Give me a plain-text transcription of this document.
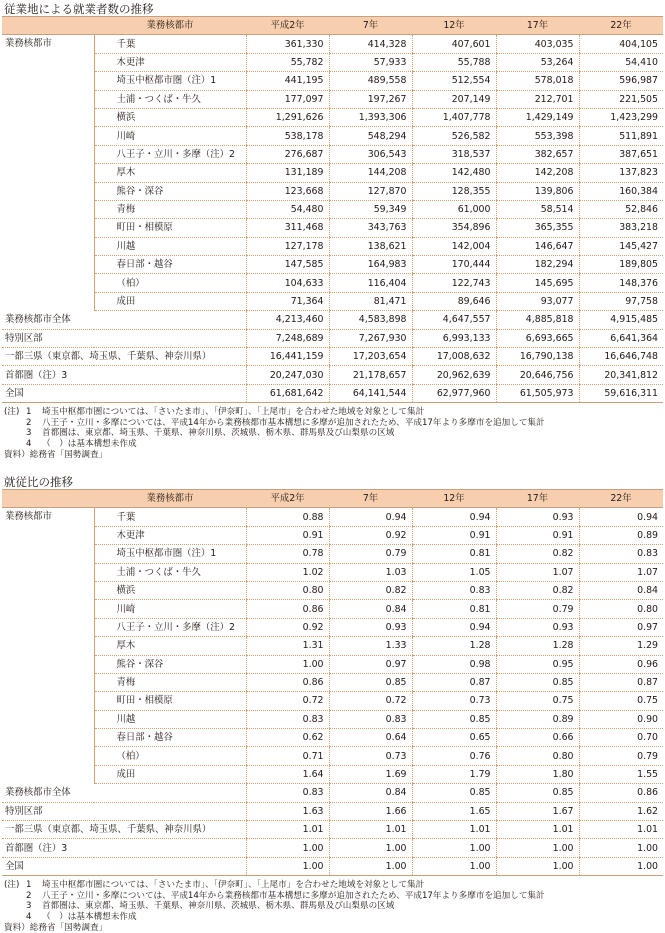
従業地による就業者数の推移
	業務核都市	平成2年	7年	12年	17年	22年
業務核都市	千葉	361,330	414,328	407,601	403,035	404,105
	木更津	55,782	57,933	55,788	53,264	54,410
	埼玉中枢都市圏（注）1	441,195	489,558	512,554	578,018	596,987
	土浦・つくば・牛久	177,097	197,267	207,149	212,701	221,505
	横浜	1,291,626	1,393,306	1,407,778	1,429,149	1,423,299
	川崎	538,178	548,294	526,582	553,398	511,891
	八王子・立川・多摩（注）2	276,687	306,543	318,537	382,657	387,651
	厚木	131,189	144,208	142,480	142,208	137,823
	熊谷・深谷	123,668	127,870	128,355	139,806	160,384
	青梅	54,480	59,349	61,000	58,514	52,846
	町田・相模原	311,468	343,763	354,896	365,355	383,218
	川越	127,178	138,621	142,004	146,647	145,427
	春日部・越谷	147,585	164,983	170,444	182,294	189,805
	（柏）	104,633	116,404	122,743	145,695	148,376
	成田	71,364	81,471	89,646	93,077	97,758
業務核都市全体		4,213,460	4,583,898	4,647,557	4,885,818	4,915,485
特別区部		7,248,689	7,267,930	6,993,133	6,693,665	6,641,364
一都三県（東京都、埼玉県、千葉県、神奈川県）		16,441,159	17,203,654	17,008,632	16,790,138	16,646,748
首都圏（注）3		20,247,030	21,178,657	20,962,639	20,646,756	20,341,812
全国		61,681,642	64,141,544	62,977,960	61,505,973	59,616,311
(注) 1	埼玉中枢都市圏については、「さいたま市」、「伊奈町」、「上尾市」を合わせた地域を対象として集計
2	八王子・立川・多摩については、平成14年から業務核都市基本構想に多摩が追加されたため、平成17年より多摩市を追加して集計
3	首都圏は、東京都、埼玉県、千葉県、神奈川県、茨城県、栃木県、群馬県及び山梨県の区域
4	（　）は基本構想未作成
資料）総務省「国勢調査」
就従比の推移
	業務核都市	平成2年	7年	12年	17年	22年
業務核都市	千葉	0.88	0.94	0.94	0.93	0.94
	木更津	0.91	0.92	0.91	0.91	0.89
	埼玉中枢都市圏（注）1	0.78	0.79	0.81	0.82	0.83
	土浦・つくば・牛久	1.02	1.03	1.05	1.07	1.07
	横浜	0.80	0.82	0.83	0.82	0.84
	川崎	0.86	0.84	0.81	0.79	0.80
	八王子・立川・多摩（注）2	0.92	0.93	0.94	0.93	0.97
	厚木	1.31	1.33	1.28	1.28	1.29
	熊谷・深谷	1.00	0.97	0.98	0.95	0.96
	青梅	0.86	0.85	0.87	0.85	0.87
	町田・相模原	0.72	0.72	0.73	0.75	0.75
	川越	0.83	0.83	0.85	0.89	0.90
	春日部・越谷	0.62	0.64	0.65	0.66	0.70
	（柏）	0.71	0.73	0.76	0.80	0.79
	成田	1.64	1.69	1.79	1.80	1.55
業務核都市全体		0.83	0.84	0.85	0.85	0.86
特別区部		1.63	1.66	1.65	1.67	1.62
一都三県（東京都、埼玉県、千葉県、神奈川県）		1.01	1.01	1.01	1.01	1.01
首都圏（注）3		1.00	1.00	1.00	1.00	1.00
全国		1.00	1.00	1.00	1.00	1.00
(注) 1	埼玉中枢都市圏については、「さいたま市」、「伊奈町」、「上尾市」を合わせた地域を対象として集計
2	八王子・立川・多摩については、平成14年から業務核都市基本構想に多摩が追加されたため、平成17年より多摩市を追加して集計
3	首都圏は、東京都、埼玉県、千葉県、神奈川県、茨城県、栃木県、群馬県及び山梨県の区域
4	（　）は基本構想未作成
資料）総務省「国勢調査」
